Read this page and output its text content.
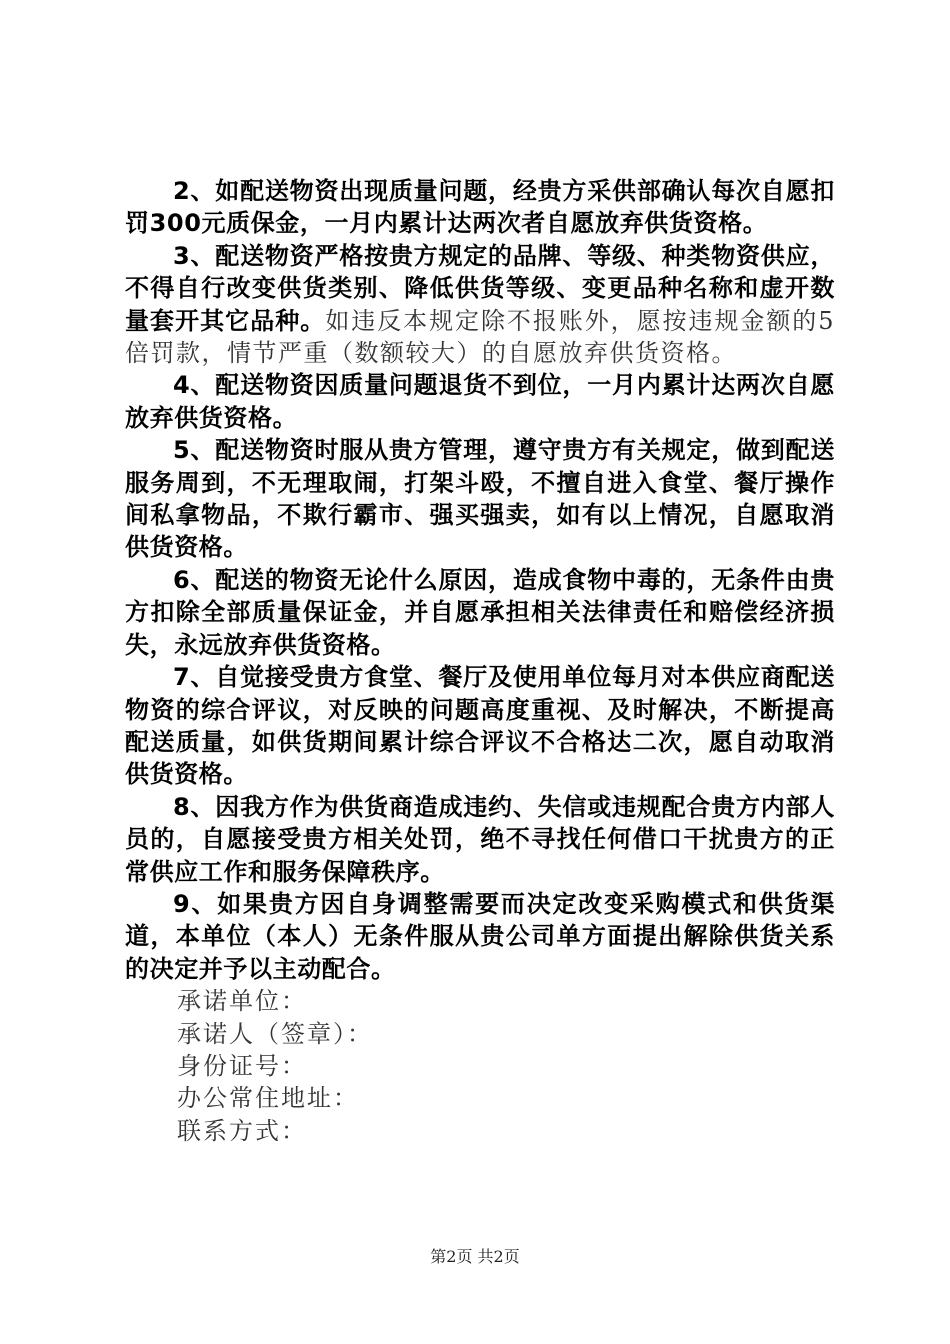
2、如配送物资出现质量问题，经贵方采供部确认每次自愿扣罚300元质保金，一月内累计达两次者自愿放弃供货资格。

3、配送物资严格按贵方规定的品牌、等级、种类物资供应，不得自行改变供货类别、降低供货等级、变更品种名称和虚开数量套开其它品种。如违反本规定除不报账外，愿按违规金额的5倍罚款，情节严重（数额较大）的自愿放弃供货资格。

4、配送物资因质量问题退货不到位，一月内累计达两次自愿放弃供货资格。

5、配送物资时服从贵方管理，遵守贵方有关规定，做到配送服务周到，不无理取闹，打架斗殴，不擅自进入食堂、餐厅操作间私拿物品，不欺行霸市、强买强卖，如有以上情况，自愿取消供货资格。

6、配送的物资无论什么原因，造成食物中毒的，无条件由贵方扣除全部质量保证金，并自愿承担相关法律责任和赔偿经济损失，永远放弃供货资格。

7、自觉接受贵方食堂、餐厅及使用单位每月对本供应商配送物资的综合评议，对反映的问题高度重视、及时解决，不断提高配送质量，如供货期间累计综合评议不合格达二次，愿自动取消供货资格。

8、因我方作为供货商造成违约、失信或违规配合贵方内部人员的，自愿接受贵方相关处罚，绝不寻找任何借口干扰贵方的正常供应工作和服务保障秩序。

9、如果贵方因自身调整需要而决定改变采购模式和供货渠道，本单位（本人）无条件服从贵公司单方面提出解除供货关系的决定并予以主动配合。

承诺单位：

承诺人（签章）：

身份证号：

办公常住地址：

联系方式：

第2页 共2页
